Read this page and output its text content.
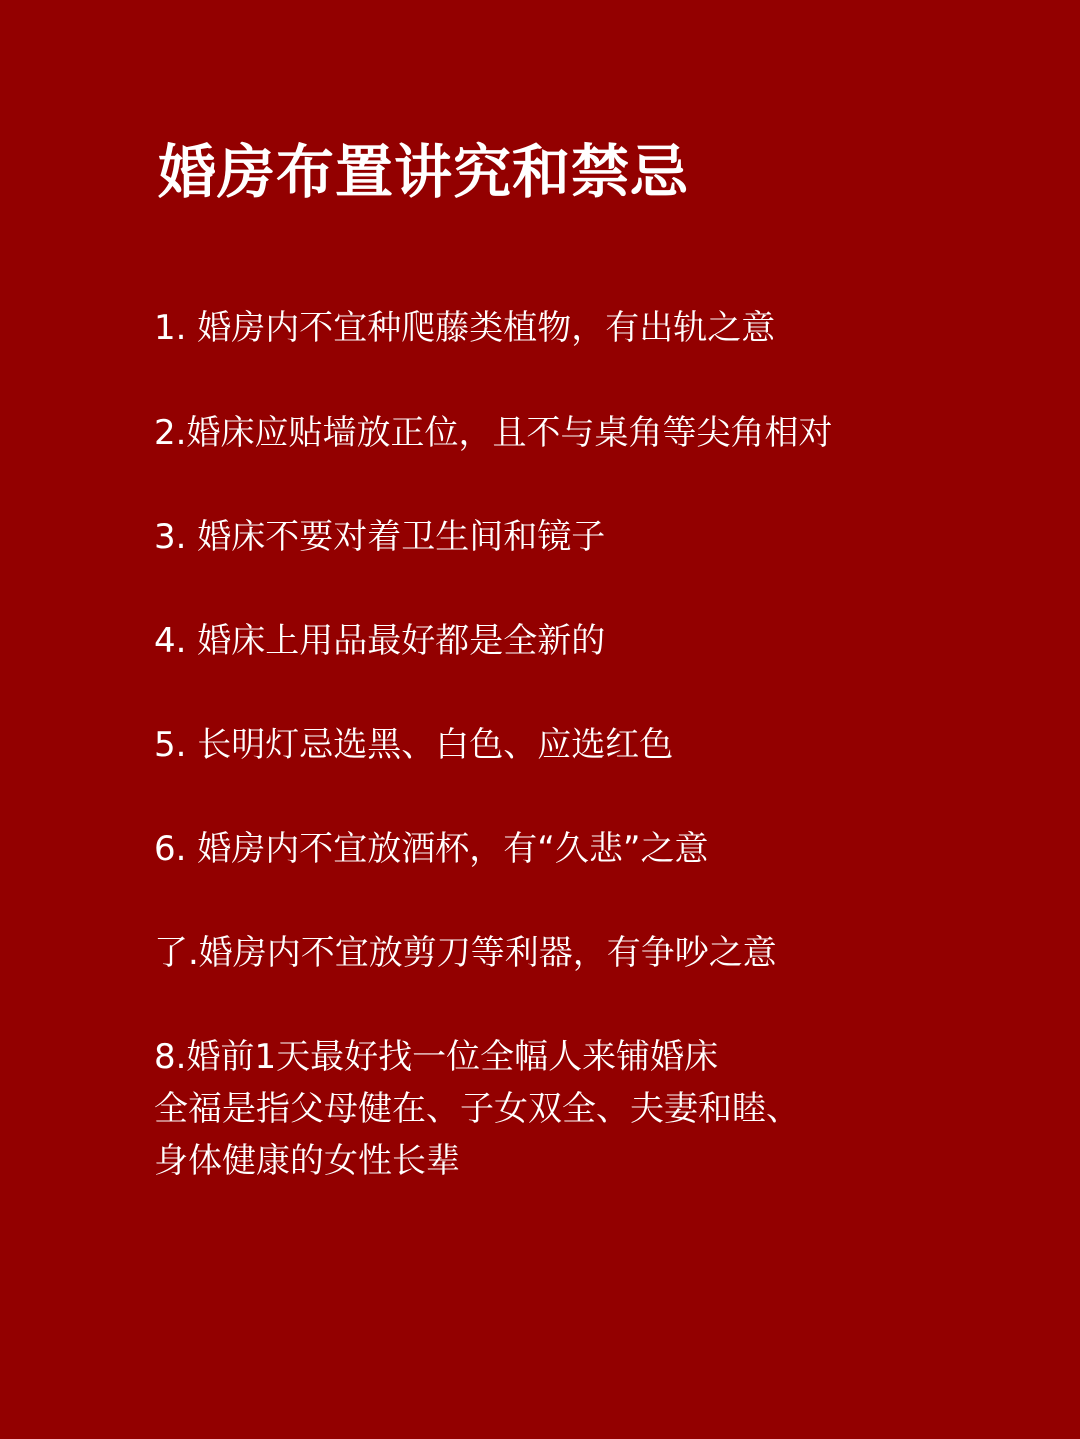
婚房布置讲究和禁忌
1. 婚房内不宜种爬藤类植物，有出轨之意
2.婚床应贴墙放正位，且不与桌角等尖角相对
3. 婚床不要对着卫生间和镜子
4. 婚床上用品最好都是全新的
5. 长明灯忌选黑、白色、应选红色
6. 婚房内不宜放酒杯，有“久悲”之意
了.婚房内不宜放剪刀等利器，有争吵之意
8.婚前1天最好找一位全幅人来铺婚床
全福是指父母健在、子女双全、夫妻和睦、
身体健康的女性长辈
